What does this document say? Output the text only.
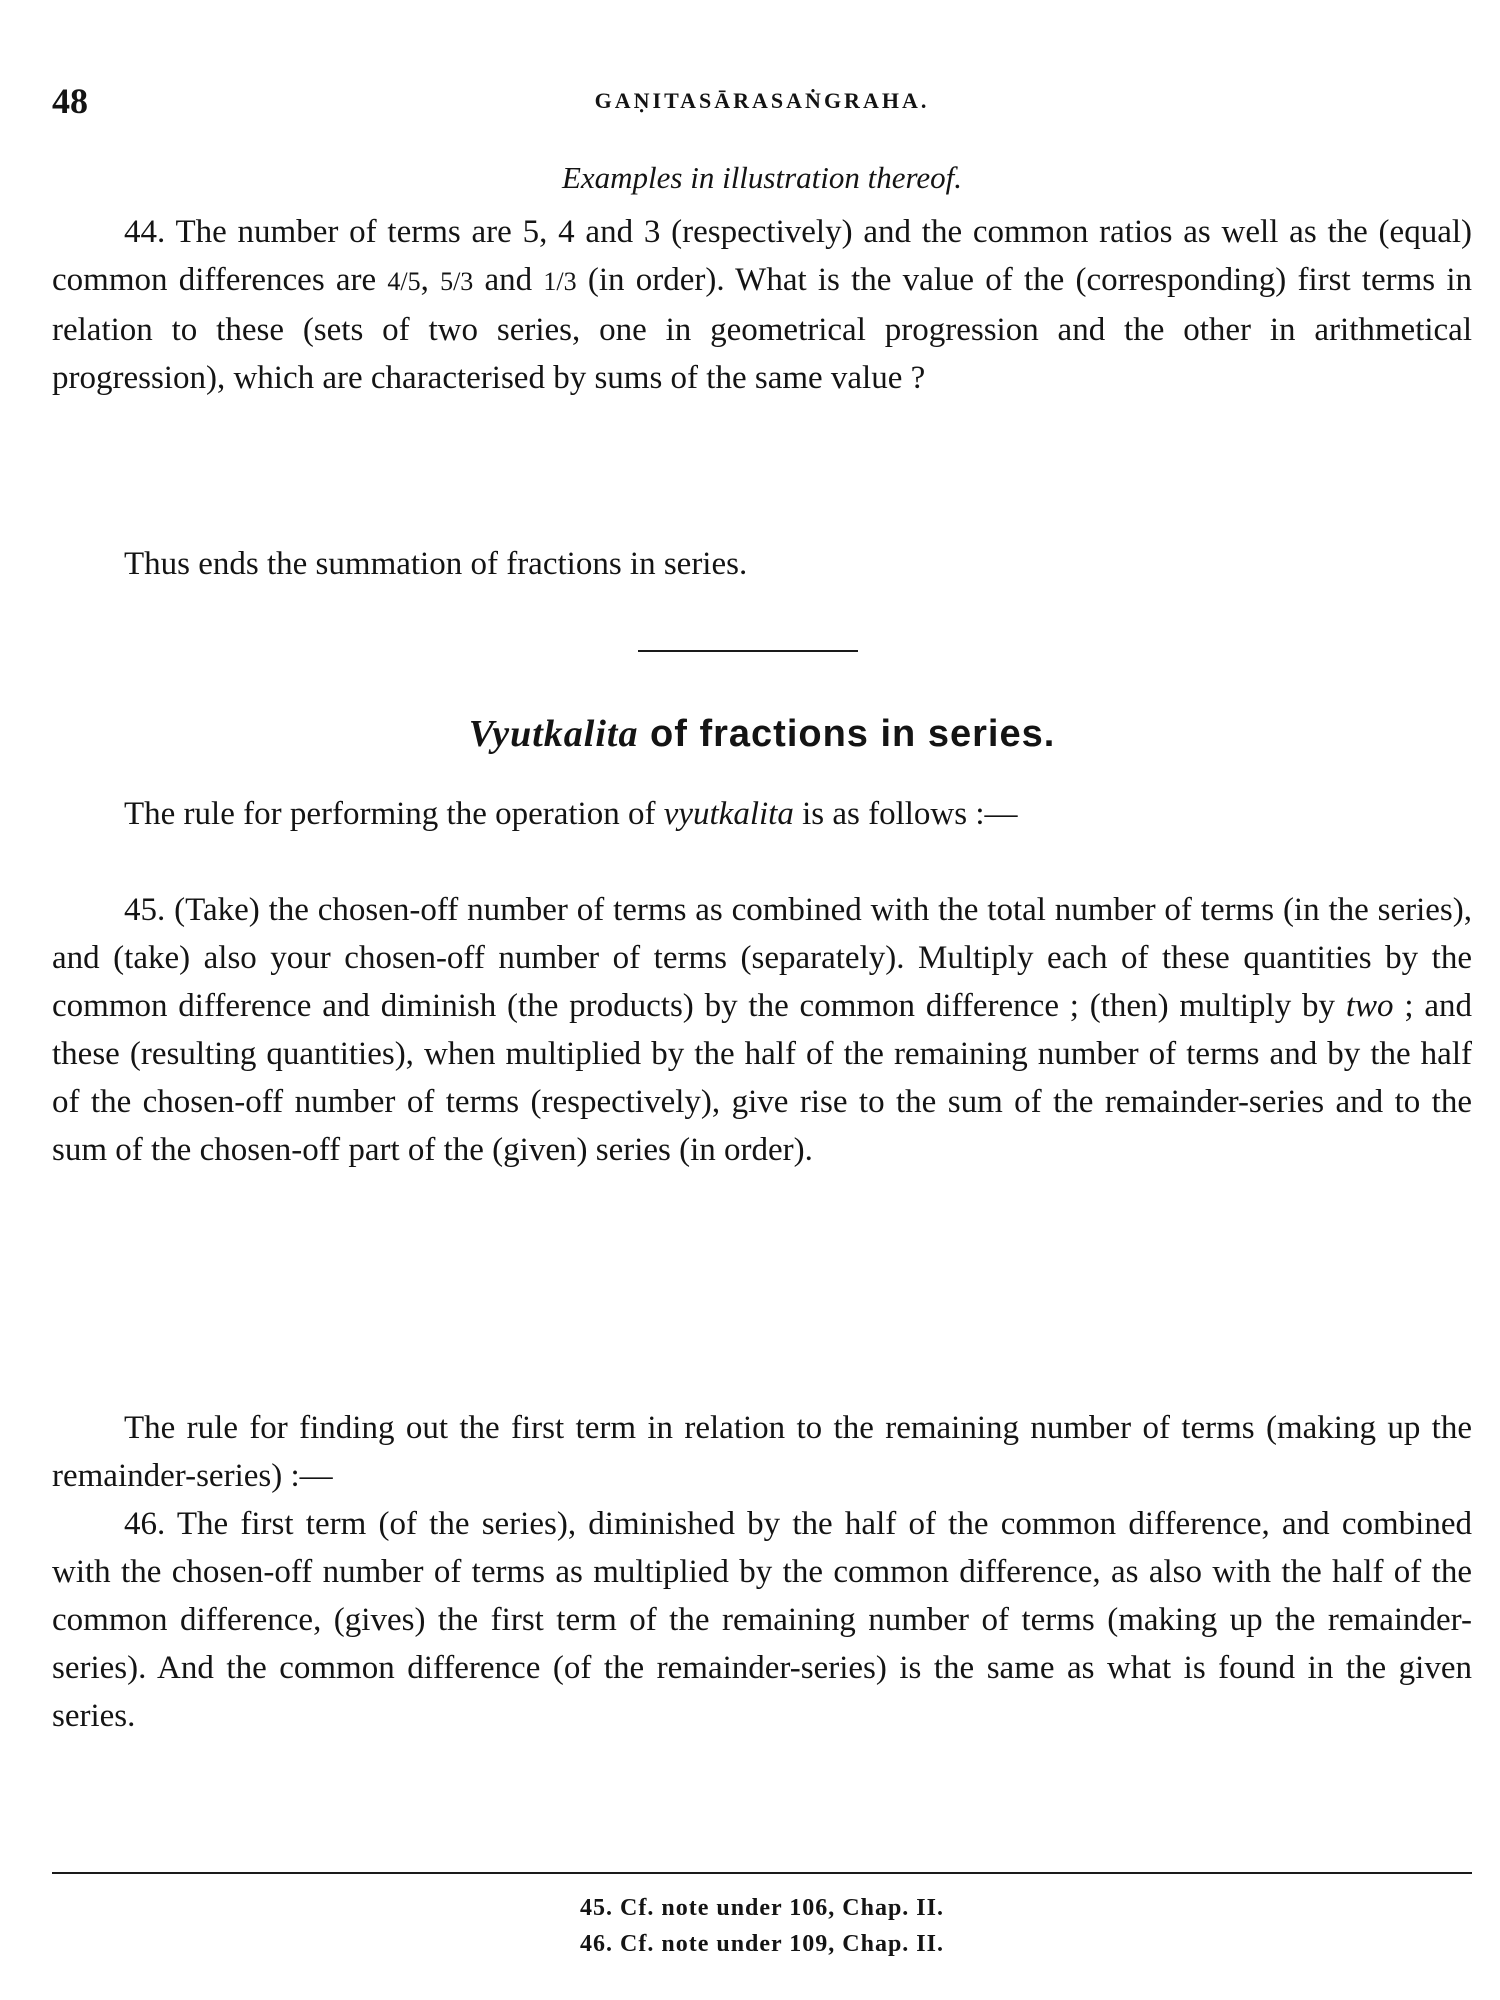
48	GAṆITASĀRASAṄGRAHA.
Examples in illustration thereof.

44. The number of terms are 5, 4 and 3 (respectively) and the common ratios as well as the (equal) common differences are 4/5, 5/3 and 1/3 (in order). What is the value of the (corresponding) first terms in relation to these (sets of two series, one in geometrical progression and the other in arithmetical progression), which are characterised by sums of the same value ?

Thus ends the summation of fractions in series.

Vyutkalita of fractions in series.

The rule for performing the operation of vyutkalita is as follows :—

45. (Take) the chosen-off number of terms as combined with the total number of terms (in the series), and (take) also your chosen-off number of terms (separately). Multiply each of these quantities by the common difference and diminish (the products) by the common difference ; (then) multiply by two ; and these (resulting quantities), when multiplied by the half of the remaining number of terms and by the half of the chosen-off number of terms (respectively), give rise to the sum of the remainder-series and to the sum of the chosen-off part of the (given) series (in order).

The rule for finding out the first term in relation to the remaining number of terms (making up the remainder-series) :—

46. The first term (of the series), diminished by the half of the common difference, and combined with the chosen-off number of terms as multiplied by the common difference, as also with the half of the common difference, (gives) the first term of the remaining number of terms (making up the remainder-series). And the common difference (of the remainder-series) is the same as what is found in the given series.

45. Cf. note under 106, Chap. II.
46. Cf. note under 109, Chap. II.
